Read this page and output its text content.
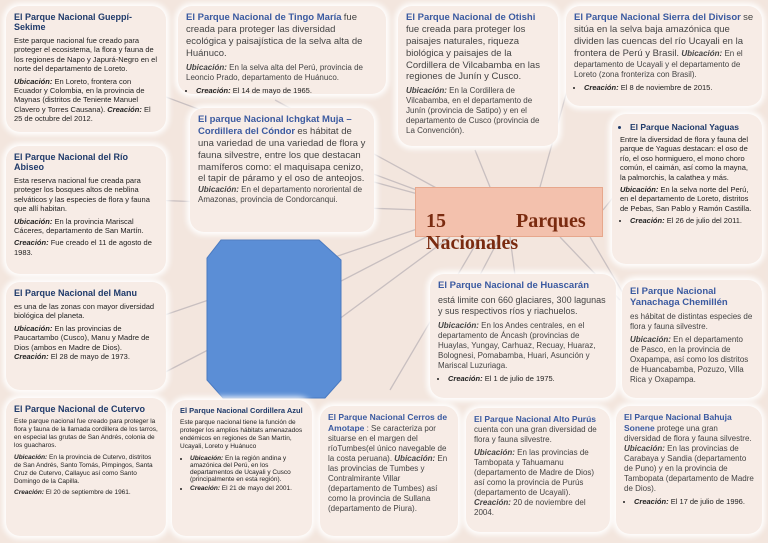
15	Parques
Nacionales
El Parque Nacional Gueppí-Sekime

Este parque nacional fue creado para proteger el ecosistema, la flora y fauna de los regiones de Napo y Japurá-Negro en el norte del departamento de Loreto.

Ubicación: En Loreto, frontera con Ecuador y Colombia, en la provincia de Maynas (distritos de Teniente Manuel Clavero y Torres Causana). Creación: El 25 de octubre del 2012.

El Parque Nacional de Tingo María fue creada para proteger las diversidad ecológica y paisajística de la selva alta de Huánuco.

Ubicación: En la selva alta del Perú, provincia de Leoncio Prado, departamento de Huánuco.

• Creación: El 14 de mayo de 1965.

El Parque Nacional de Otishi fue creada para proteger los paisajes naturales, riqueza biológica y paisajes de la Cordillera de Vilcabamba en las regiones de Junín y Cusco.

Ubicación: En la Cordillera de Vilcabamba, en el departamento de Junín (provincia de Satipo) y en el departamento de Cusco (provincia de La Convención).

El Parque Nacional Sierra del Divisor se sitúa en la selva baja amazónica que dividen las cuencas del río Ucayali en la frontera de Perú y Brasil. Ubicación: En el departamento de Ucayali y el departamento de Loreto (zona fronteriza con Brasil).

• Creación: El 8 de noviembre de 2015.

El parque Nacional Ichgkat Muja – Cordillera del Cóndor es hábitat de una variedad de una variedad de flora y fauna silvestre, entre los que destacan mamíferos como: el maquisapa cenizo, el tapir de páramo y el oso de anteojos. Ubicación: En el departamento nororiental de Amazonas, provincia de Condorcanqui.

El Parque Nacional del Río Abiseo

Esta reserva nacional fue creada para proteger los bosques altos de neblina selváticos y las especies de flora y fauna que allí habitan.

Ubicación: En la provincia Mariscal Cáceres, departamento de San Martín.

Creación: Fue creado el 11 de agosto de 1983.

• El Parque Nacional Yaguas

Entre la diversidad de flora y fauna del parque de Yaguas destacan: el oso de río, el oso hormiguero, el mono choro común, el caimán, así como la mayna, la palmorchis, la calathea y más.

Ubicación: En la selva norte del Perú, en el departamento de Loreto, distritos de Pebas, San Pablo y Ramón Castilla.

• Creación: El 26 de julio del 2011.
El Parque Nacional del Manu

es una de las zonas con mayor diversidad biológica del planeta.

Ubicación: En las provincias de Paucartambo (Cusco), Manu y Madre de Dios (ambos en Madre de Dios). Creación: El 28 de mayo de 1973.

El Parque Nacional de Huascarán

está limite con 660 glaciares, 300 lagunas y sus respectivos ríos y riachuelos.

Ubicación: En los Andes centrales, en el departamento de Áncash (provincias de Huaylas, Yungay, Carhuaz, Recuay, Huaraz, Bolognesi, Pomabamba, Huari, Asunción y Mariscal Luzuriaga.

• Creación: El 1 de julio de 1975.
El Parque Nacional Yanachaga Chemillén

es hábitat de distintas especies de flora y fauna silvestre.

Ubicación: En el departamento de Pasco, en la provincia de Oxapampa, así como los distritos de Huancabamba, Pozuzo, Villa Rica y Oxapampa.

El Parque Nacional de Cutervo

Este parque nacional fue creado para proteger la flora y fauna de la llamada cordillera de los tarros, en especial las grutas de San Andrés, colonia de los guacharos.

Ubicación: En la provincia de Cutervo, distritos de San Andrés, Santo Tomás, Pimpingos, Santa Cruz de Cutervo, Callayuc así como Santo Domingo de la Capilla.

Creación: El 20 de septiembre de 1961.

El Parque Nacional Cordillera Azul

Este parque nacional tiene la función de proteger los amplios hábitats amenazados endémicos en regiones de San Martín, Ucayali, Loreto y Huánuco

• Ubicación: En la región andina y amazónica del Perú, en los departamentos de Ucayali y Cusco (principalmente en esta región).
• Creación: El 21 de mayo del 2001.

El Parque Nacional Cerros de Amotape : Se caracteriza por situarse en el margen del ríoTumbes(el único navegable de la costa peruana). Ubicación: En las provincias de Tumbes y Contralmirante Villar (departamento de Tumbes) así como la provincia de Sullana (departamento de Piura).

El Parque Nacional Alto Purús cuenta con una gran diversidad de flora y fauna silvestre.

Ubicación: En las provincias de Tambopata y Tahuamanu (departamento de Madre de Dios) así como la provincia de Purús (departamento de Ucayali). Creación: 20 de noviembre del 2004.

El Parque Nacional Bahuja Sonene protege una gran diversidad de flora y fauna silvestre. Ubicación: En las provincias de Carabaya y Sandia (departamento de Puno) y en la provincia de Tambopata (departamento de Madre de Dios).

• Creación: El 17 de julio de 1996.
